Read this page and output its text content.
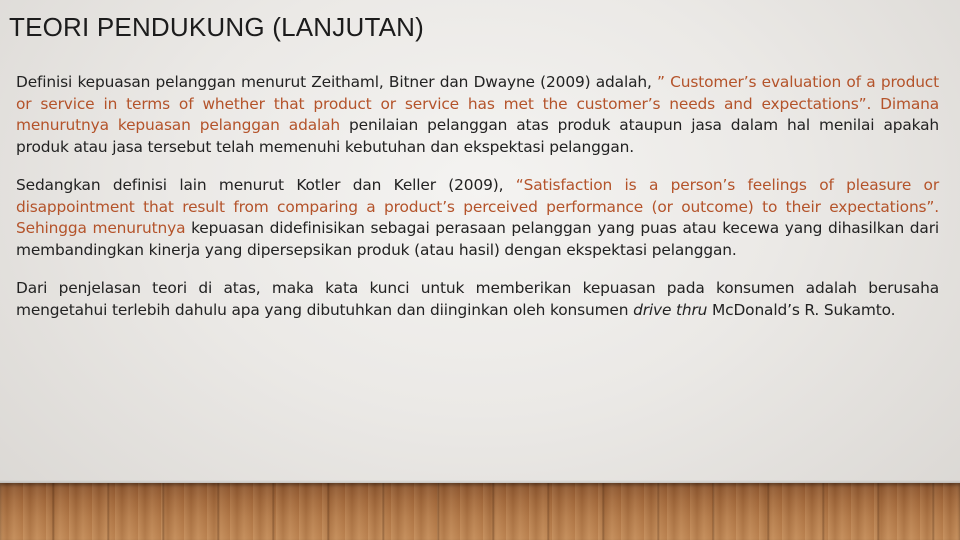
TEORI PENDUKUNG (LANJUTAN)

Definisi kepuasan pelanggan menurut Zeithaml, Bitner dan Dwayne (2009) adalah, ” Customer’s evaluation of a product or service in terms of whether that product or service has met the customer’s needs and expectations”. Dimana menurutnya kepuasan pelanggan adalah penilaian pelanggan atas produk ataupun jasa dalam hal menilai apakah produk atau jasa tersebut telah memenuhi kebutuhan dan ekspektasi pelanggan.

Sedangkan definisi lain menurut Kotler dan Keller (2009), “Satisfaction is a person’s feelings of pleasure or disappointment that result from comparing a product’s perceived performance (or outcome) to their expectations”. Sehingga menurutnya kepuasan didefinisikan sebagai perasaan pelanggan yang puas atau kecewa yang dihasilkan dari membandingkan kinerja yang dipersepsikan produk (atau hasil) dengan ekspektasi pelanggan.

Dari penjelasan teori di atas, maka kata kunci untuk memberikan kepuasan pada konsumen adalah berusaha mengetahui terlebih dahulu apa yang dibutuhkan dan diinginkan oleh konsumen drive thru McDonald’s R. Sukamto.
